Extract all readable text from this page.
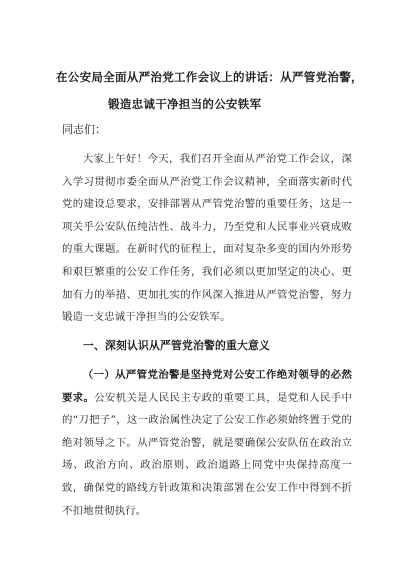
在公安局全面从严治党工作会议上的讲话：从严管党治警，
锻造忠诚干净担当的公安铁军
同志们：
大家上午好！今天，我们召开全面从严治党工作会议，深入学习贯彻市委全面从严治党工作会议精神，全面落实新时代党的建设总要求，安排部署从严管党治警的重要任务，这是一项关乎公安队伍纯洁性、战斗力，乃至党和人民事业兴衰成败的重大课题。在新时代的征程上，面对复杂多变的国内外形势和艰巨繁重的公安工作任务，我们必须以更加坚定的决心、更加有力的举措、更加扎实的作风深入推进从严管党治警，努力锻造一支忠诚干净担当的公安铁军。
一、深刻认识从严管党治警的重大意义
（一）从严管党治警是坚持党对公安工作绝对领导的必然要求。公安机关是人民民主专政的重要工具，是党和人民手中的“刀把子”，这一政治属性决定了公安工作必须始终置于党的绝对领导之下。从严管党治警，就是要确保公安队伍在政治立场、政治方向、政治原则、政治道路上同党中央保持高度一致，确保党的路线方针政策和决策部署在公安工作中得到不折不扣地贯彻执行。
